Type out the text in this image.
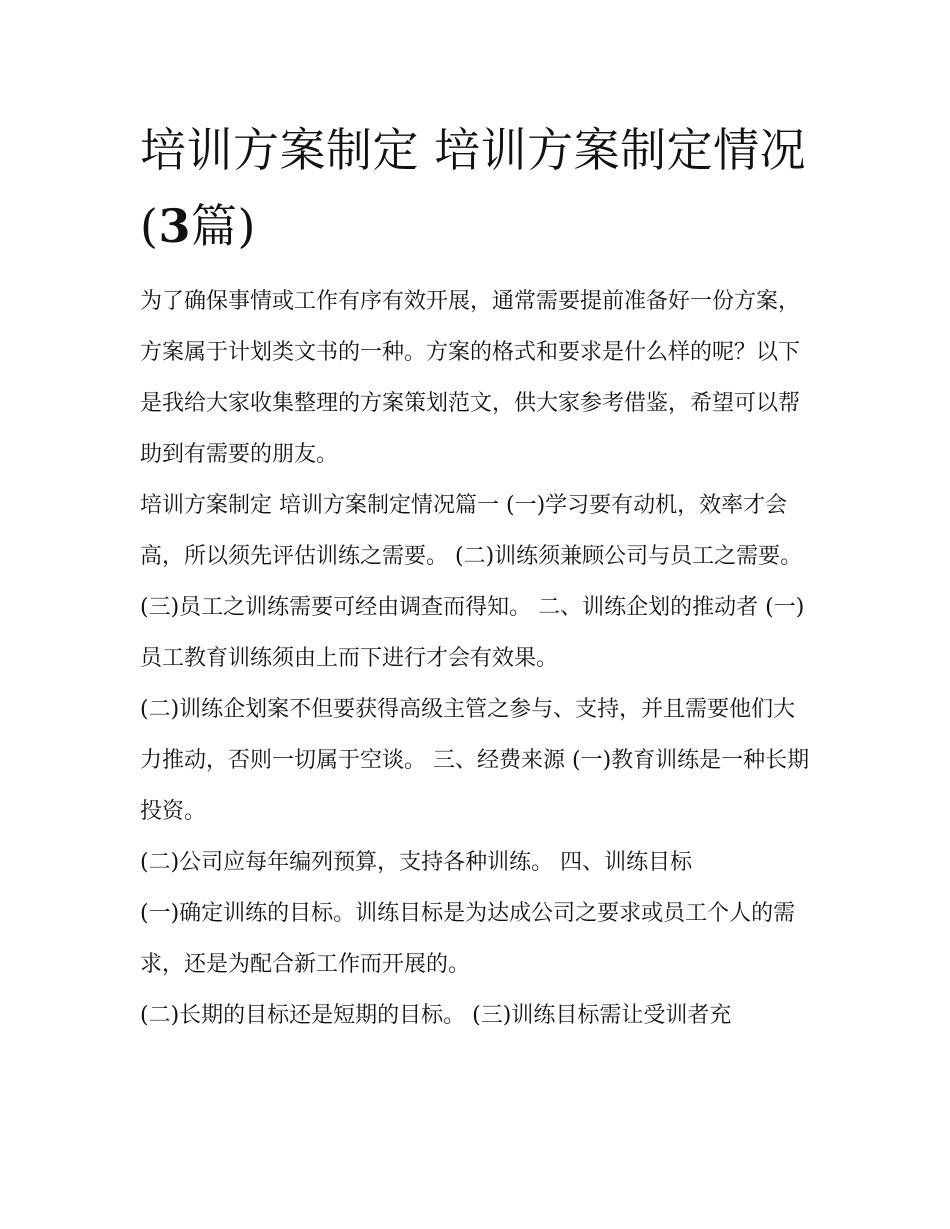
培训方案制定 培训方案制定情况(3篇)

为了确保事情或工作有序有效开展，通常需要提前准备好一份方案，方案属于计划类文书的一种。方案的格式和要求是什么样的呢？以下是我给大家收集整理的方案策划范文，供大家参考借鉴，希望可以帮助到有需要的朋友。

培训方案制定 培训方案制定情况篇一 (一)学习要有动机，效率才会高，所以须先评估训练之需要。 (二)训练须兼顾公司与员工之需要。

(三)员工之训练需要可经由调查而得知。 二、训练企划的推动者 (一)员工教育训练须由上而下进行才会有效果。

(二)训练企划案不但要获得高级主管之参与、支持，并且需要他们大力推动，否则一切属于空谈。 三、经费来源 (一)教育训练是一种长期投资。

(二)公司应每年编列预算，支持各种训练。 四、训练目标

(一)确定训练的目标。训练目标是为达成公司之要求或员工个人的需求，还是为配合新工作而开展的。

(二)长期的目标还是短期的目标。 (三)训练目标需让受训者充
